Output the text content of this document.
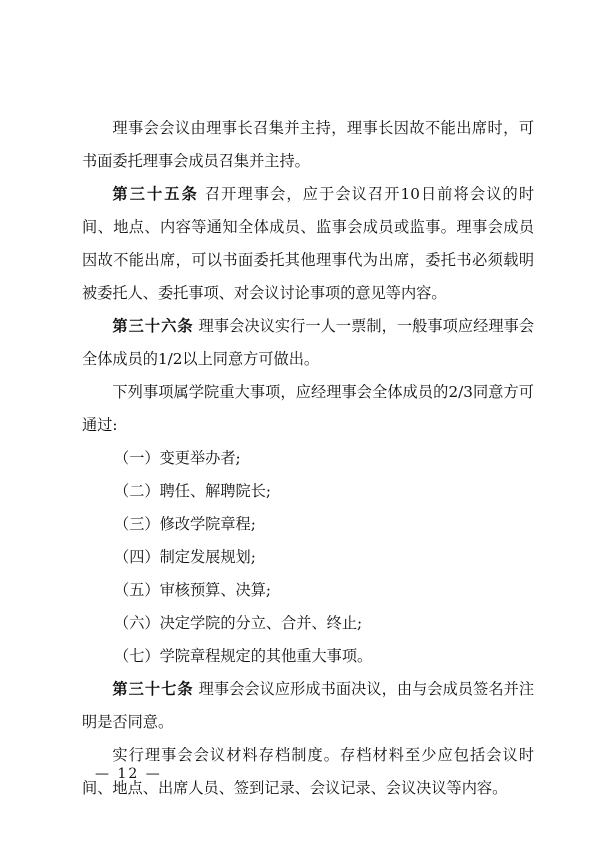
理事会会议由理事长召集并主持，理事长因故不能出席时，可书面委托理事会成员召集并主持。

第三十五条 召开理事会，应于会议召开10日前将会议的时间、地点、内容等通知全体成员、监事会成员或监事。理事会成员因故不能出席，可以书面委托其他理事代为出席，委托书必须载明被委托人、委托事项、对会议讨论事项的意见等内容。

第三十六条 理事会决议实行一人一票制，一般事项应经理事会全体成员的1/2以上同意方可做出。

下列事项属学院重大事项，应经理事会全体成员的2/3同意方可通过:

（一）变更举办者;

（二）聘任、解聘院长;

（三）修改学院章程;

（四）制定发展规划;

（五）审核预算、决算;

（六）决定学院的分立、合并、终止;

（七）学院章程规定的其他重大事项。

第三十七条 理事会会议应形成书面决议，由与会成员签名并注明是否同意。

实行理事会会议材料存档制度。存档材料至少应包括会议时间、地点、出席人员、签到记录、会议记录、会议决议等内容。

— 12 —
